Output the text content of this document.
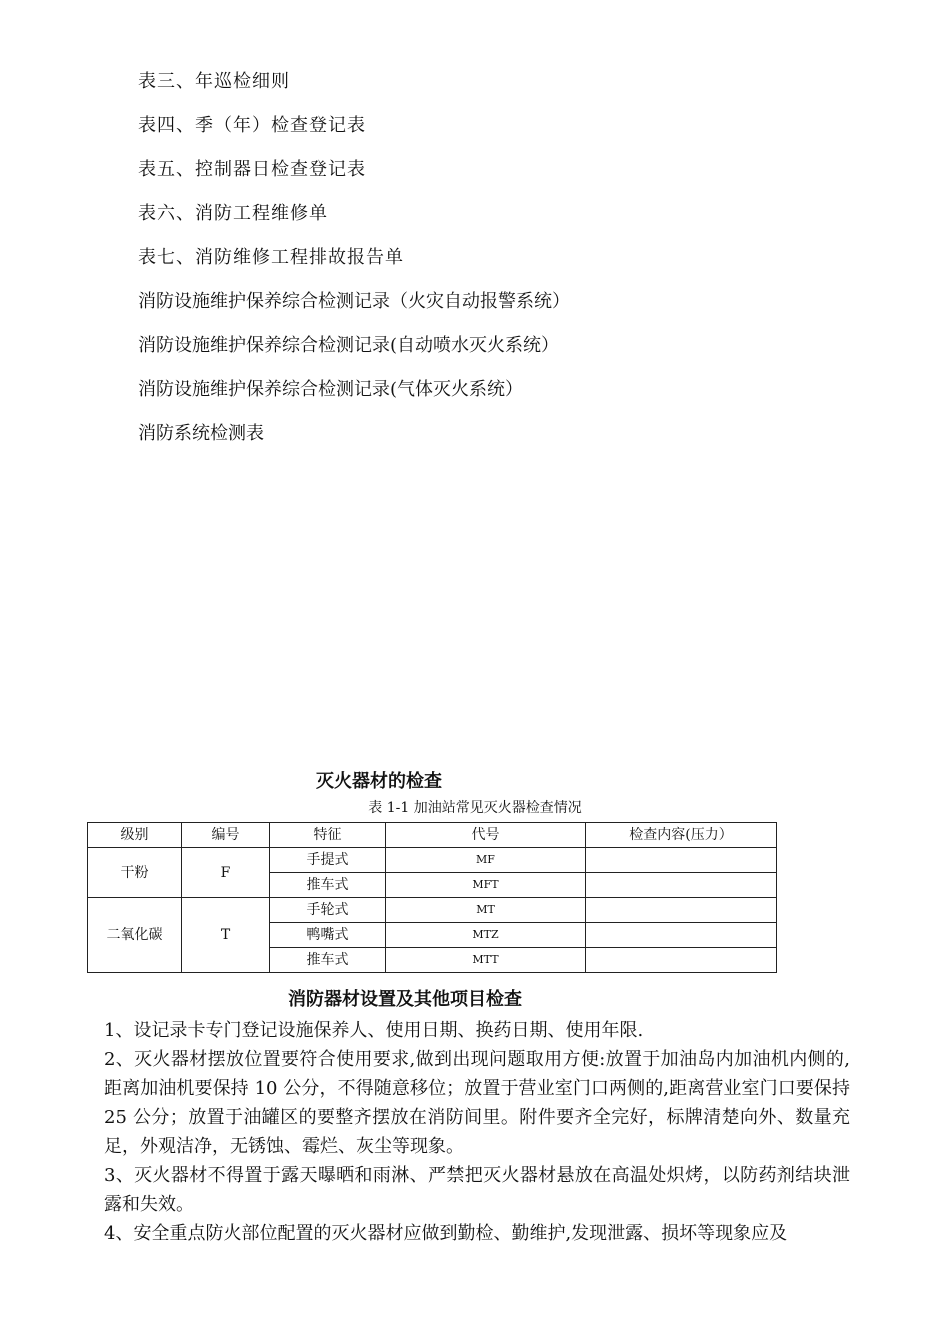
表三、年巡检细则
表四、季（年）检查登记表
表五、控制器日检查登记表
表六、消防工程维修单
表七、消防维修工程排故报告单
消防设施维护保养综合检测记录（火灾自动报警系统）
消防设施维护保养综合检测记录(自动喷水灭火系统）
消防设施维护保养综合检测记录(气体灭火系统）
消防系统检测表
灭火器材的检查
表 1-1 加油站常见灭火器检查情况
级别	编号	特征	代号	检查内容(压力）
干粉	F	手提式	MF	
		推车式	MFT	
二氧化碳	T	手轮式	MT	
		鸭嘴式	MTZ	
		推车式	MTT	
消防器材设置及其他项目检查

1、设记录卡专门登记设施保养人、使用日期、换药日期、使用年限.

2、灭火器材摆放位置要符合使用要求,做到出现问题取用方便:放置于加油岛内加油机内侧的,距离加油机要保持 10 公分，不得随意移位；放置于营业室门口两侧的,距离营业室门口要保持 25 公分；放置于油罐区的要整齐摆放在消防间里。附件要齐全完好，标牌清楚向外、数量充足，外观洁净，无锈蚀、霉烂、灰尘等现象。

3、灭火器材不得置于露天曝晒和雨淋、严禁把灭火器材悬放在高温处炽烤，以防药剂结块泄露和失效。

4、安全重点防火部位配置的灭火器材应做到勤检、勤维护,发现泄露、损坏等现象应及
